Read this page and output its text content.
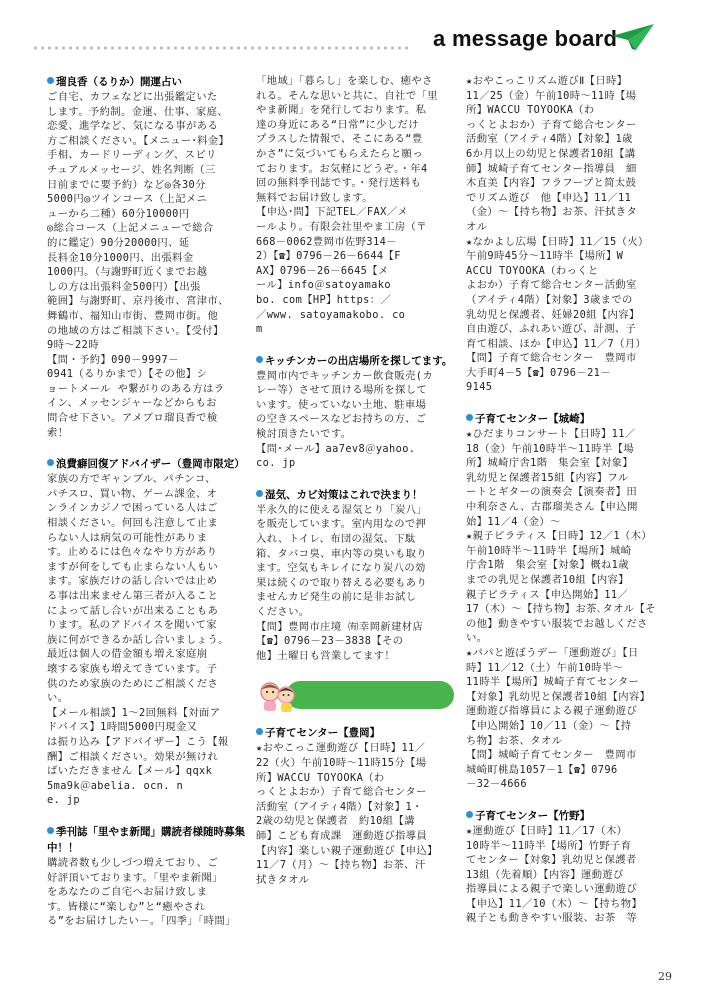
a message board
瑠良香（るりか）開運占い
ご自宅、カフェなどに出張鑑定いた
します。予約制。金運、仕事、家庭、
恋愛、進学など、気になる事がある
方ご相談ください。【メニュー･料金】
手相、カードリーディング、スピリ
チュアルメッセージ、姓名判断（三
日前までに要予約）など◎各30分
5000円◎ツインコース（上記メニ
ューから二種）60分10000円
◎総合コース（上記メニューで総合
的に鑑定）90分20000円、延
長料金10分1000円、出張料金
1000円。（与謝野町近くまでお越
しの方は出張料金500円）【出張
範囲】与謝野町、京丹後市、宮津市、
舞鶴市、福知山市街、豊岡市街。他
の地域の方はご相談下さい。【受付】
9時～22時
【問・予約】090－9997－
0941（るりかまで）【その他】シ
ョートメール や繋がりのある方はラ
イン、メッセンジャーなどからもお
問合せ下さい。アメブロ瑠良香で検
索！
浪費癖回復アドバイザー（豊岡市限定）
家族の方でギャンブル、パチンコ、
パチスロ、買い物、ゲーム課金、オ
ンラインカジノで困っている人はご
相談ください。何回も注意して止ま
らない人は病気の可能性がありま
す。止めるには色々なやり方があり
ますが何をしても止まらない人もい
ます。家族だけの話し合いでは止め
る事は出来ません第三者が入ること
によって話し合いが出来ることもあ
ります。私のアドバイスを聞いて家
族に何ができるか話し合いましょう。
最近は個人の借金額も増え家庭崩
壊する家族も増えてきています。子
供のため家族のためにご相談くださ
い。
【メール相談】1～2回無料【対面ア
ドバイス】1時間5000円現金又
は振り込み【アドバイザー】こう【報
酬】ご相談ください。効果が無けれ
ばいただきません【メール】qqxk
5ma9k＠abelia. ocn. n
e. jp
季刊誌「里やま新聞」購読者様随時募集中！！
購読者数も少しづつ増えており、ご
好評頂いております。「里やま新聞」
をあなたのご自宅へお届け致しま
す。皆様に“楽しむ”と“癒やされ
る”をお届けしたい－。「四季」「時間」
「地域」「暮らし」を楽しむ、癒やさ
れる。そんな思いと共に、自社で「里
やま新聞」を発行しております。私
達の身近にある“日常”に少しだけ
プラスした情報で、そこにある“豊
かさ”に気づいてもらえたらと願っ
ております。お気軽にどうぞ。・年4
回の無料季刊誌です。・発行送料も
無料でお届け致します。
【申込･問】下記TEL／FAX／メ
ールより。有限会社里やま工房（〒
668－0062豊岡市佐野314－
2）【☎】0796－26－6644【F
AX】0796－26－6645【メ
ール】info＠satoyamako
bo. com【HP】https：／
／www. satoyamakobo. co
m
キッチンカーの出店場所を探してます。
豊岡市内でキッチンカー飲食販売(カ
レー等）させて頂ける場所を探して
います。使っていない土地、駐車場
の空きスペースなどお持ちの方、ご
検討頂きたいです。
【問･メール】aa7ev8＠yahoo.
co. jp
湿気、カビ対策はこれで決まり！
半永久的に使える湿気とり「炭八」
を販売しています。室内用なので押
入れ、トイレ、布団の湿気、下駄
箱、タバコ臭、車内等の臭いも取り
ます。空気もキレイになり炭八の効
果は続くので取り替える必要もあり
ませんカビ発生の前に是非お試し
ください。
【問】豊岡市庄境 ㈲幸岡新建材店
【☎】0796－23－3838【その
他】土曜日も営業してます！
子育てセンター【豊岡】
★おやこっこ運動遊び【日時】11／
22（火）午前10時～11時15分【場
所】WACCU TOYOOKA（わ
っくとよおか）子育て総合センター
活動室（アイティ4階）【対象】1・
2歳の幼児と保護者　約10組【講
師】こども育成課　運動遊び指導員
【内容】楽しい親子運動遊び【申込】
11／7（月）～【持ち物】お茶、汗
拭きタオル
★おやこっこリズム遊びⅡ【日時】
11／25（金）午前10時～11時【場
所】WACCU TOYOOKA（わ
っくとよおか）子育て総合センター
活動室（アイティ4階）【対象】1歳
6か月以上の幼児と保護者10組【講
師】城崎子育てセンター指導員　細
木直美【内容】フラフープと简太鼓
でリズム遊び　他【申込】11／11
（金）～【持ち物】お茶、汗拭きタ
オル
★なかよし広場【日時】11／15（火）
午前9時45分～11時半【場所】W
ACCU TOYOOKA（わっくと
よおか）子育て総合センター活動室
（アイティ4階）【対象】3歳までの
乳幼児と保護者、妊婦20組【内容】
自由遊び、ふれあい遊び、計測、子
育て相談、ほか【申込】11／7（月）
【問】子育て総合センター　豊岡市
大手町4－5【☎】0796－21－
9145
子育てセンター【城崎】
★ひだまりコンサート【日時】11／
18（金）午前10時半～11時半【場
所】城崎庁舎1階　集会室【対象】
乳幼児と保護者15組【内容】フル
ートとギターの演奏会【演奏者】田
中利奈さん、古郡瑠美さん【申込開
始】11／4（金）～
★親子ピラティス【日時】12／1（木）
午前10時半～11時半【場所】城崎
庁舎1階　集会室【対象】概ね1歳
までの乳児と保護者10組【内容】
親子ピラティス【申込開始】11／
17（木）～【持ち物】お茶､タオル【そ
の他】動きやすい服装でお越しくださ
い。
★パパと遊ぼうデー「運動遊び」【日
時】11／12（土）午前10時半～
11時半【場所】城崎子育てセンター
【対象】乳幼児と保護者10組【内容】
運動遊び指導員による親子運動遊び
【申込開始】10／11（金）～【持
ち物】お茶、タオル
【問】城崎子育てセンター　豊岡市
城崎町桃島1057－1【☎】0796
－32－4666
子育てセンター【竹野】
★運動遊び【日時】11／17（木）
10時半～11時半【場所】竹野子育
てセンター【対象】乳幼児と保護者
13組（先着順）【内容】運動遊び
指導員による親子で楽しい運動遊び
【申込】11／10（木）～【持ち物】
親子とも動きやすい服装、お茶　等
29
